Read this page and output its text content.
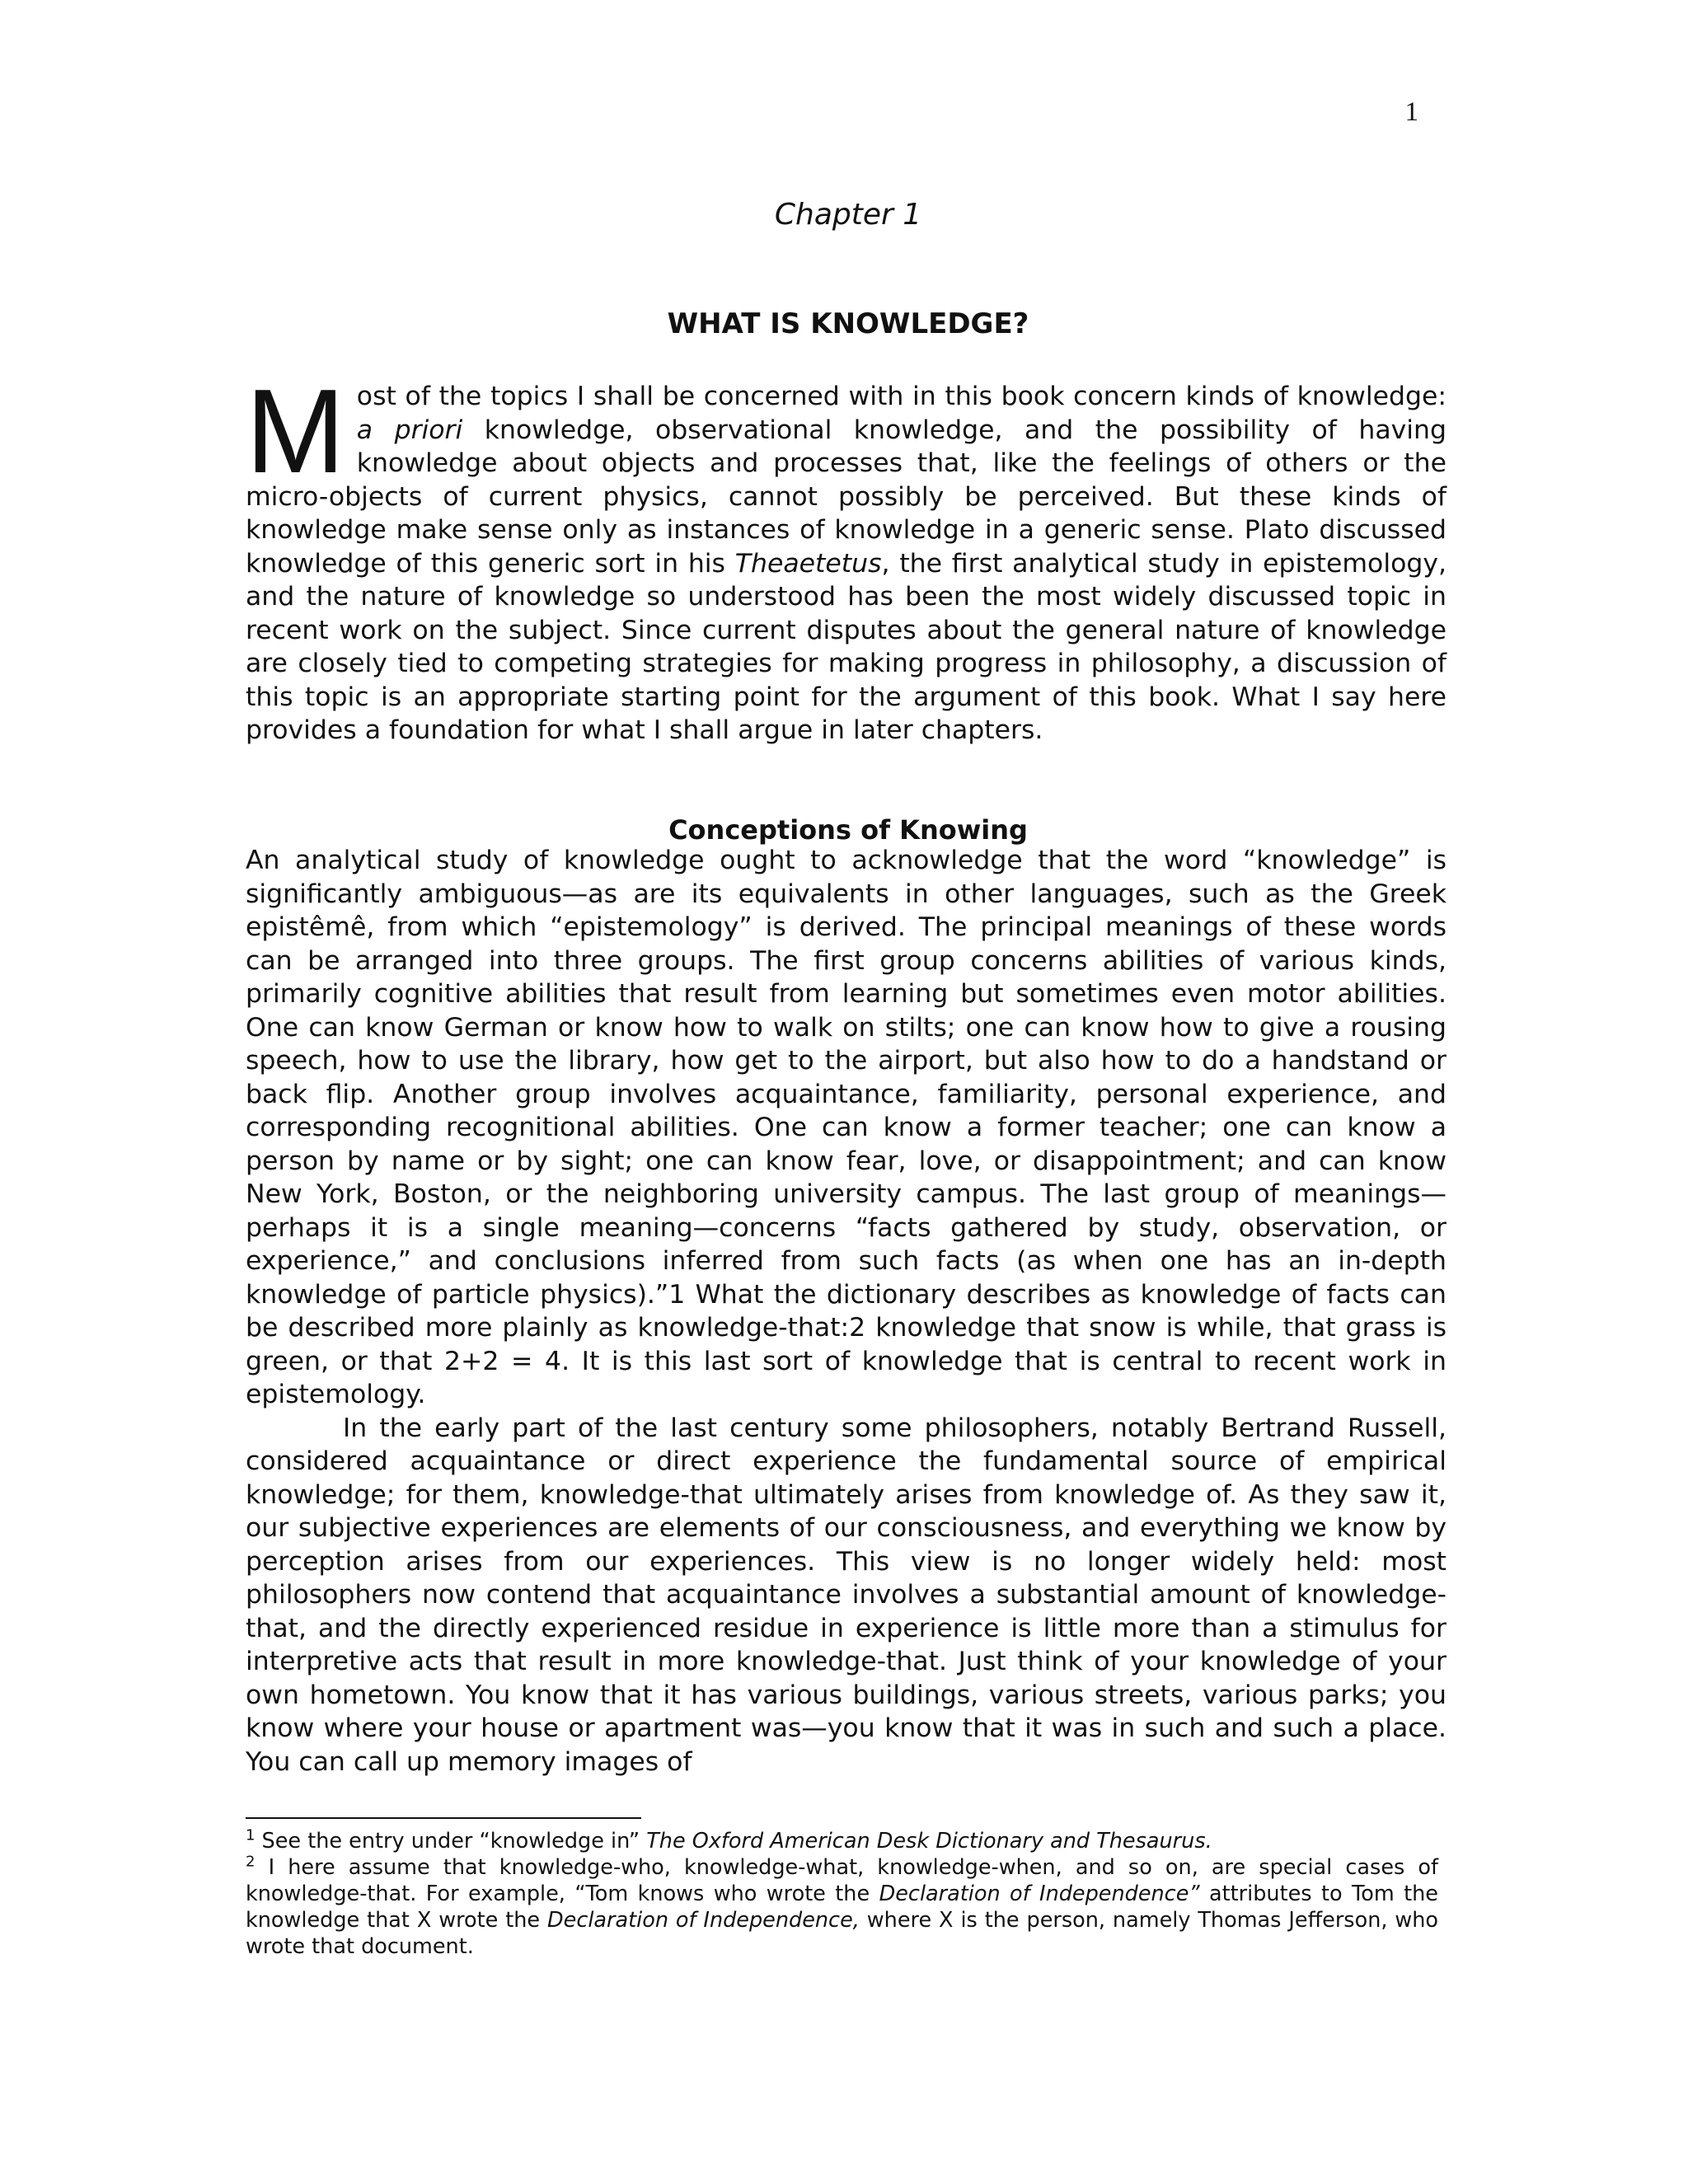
1
Chapter 1
WHAT IS KNOWLEDGE?
Most of the topics I shall be concerned with in this book concern kinds of knowledge: a priori knowledge, observational knowledge, and the possibility of having knowledge about objects and processes that, like the feelings of others or the micro-objects of current physics, cannot possibly be perceived. But these kinds of knowledge make sense only as instances of knowledge in a generic sense. Plato discussed knowledge of this generic sort in his Theaetetus, the first analytical study in epistemology, and the nature of knowledge so understood has been the most widely discussed topic in recent work on the subject. Since current disputes about the general nature of knowledge are closely tied to competing strategies for making progress in philosophy, a discussion of this topic is an appropriate starting point for the argument of this book. What I say here provides a foundation for what I shall argue in later chapters.
Conceptions of Knowing

An analytical study of knowledge ought to acknowledge that the word “knowledge” is significantly ambiguous—as are its equivalents in other languages, such as the Greek epistêmê, from which “epistemology” is derived. The principal meanings of these words can be arranged into three groups. The first group concerns abilities of various kinds, primarily cognitive abilities that result from learning but sometimes even motor abilities. One can know German or know how to walk on stilts; one can know how to give a rousing speech, how to use the library, how get to the airport, but also how to do a handstand or back flip. Another group involves acquaintance, familiarity, personal experience, and corresponding recognitional abilities. One can know a former teacher; one can know a person by name or by sight; one can know fear, love, or disappointment; and can know New York, Boston, or the neighboring university campus. The last group of meanings—perhaps it is a single meaning—concerns “facts gathered by study, observation, or experience,” and conclusions inferred from such facts (as when one has an in-depth knowledge of particle physics).”1 What the dictionary describes as knowledge of facts can be described more plainly as knowledge-that:2 knowledge that snow is while, that grass is green, or that 2+2 = 4. It is this last sort of knowledge that is central to recent work in epistemology.

In the early part of the last century some philosophers, notably Bertrand Russell, considered acquaintance or direct experience the fundamental source of empirical knowledge; for them, knowledge-that ultimately arises from knowledge of. As they saw it, our subjective experiences are elements of our consciousness, and everything we know by perception arises from our experiences. This view is no longer widely held: most philosophers now contend that acquaintance involves a substantial amount of knowledge-that, and the directly experienced residue in experience is little more than a stimulus for interpretive acts that result in more knowledge-that. Just think of your knowledge of your own hometown. You know that it has various buildings, various streets, various parks; you know where your house or apartment was—you know that it was in such and such a place. You can call up memory images of

$^1$ See the entry under “knowledge in” The Oxford American Desk Dictionary and Thesaurus.

$^2$ I here assume that knowledge-who, knowledge-what, knowledge-when, and so on, are special cases of knowledge-that. For example, “Tom knows who wrote the Declaration of Independence” attributes to Tom the knowledge that X wrote the Declaration of Independence, where X is the person, namely Thomas Jefferson, who wrote that document.
